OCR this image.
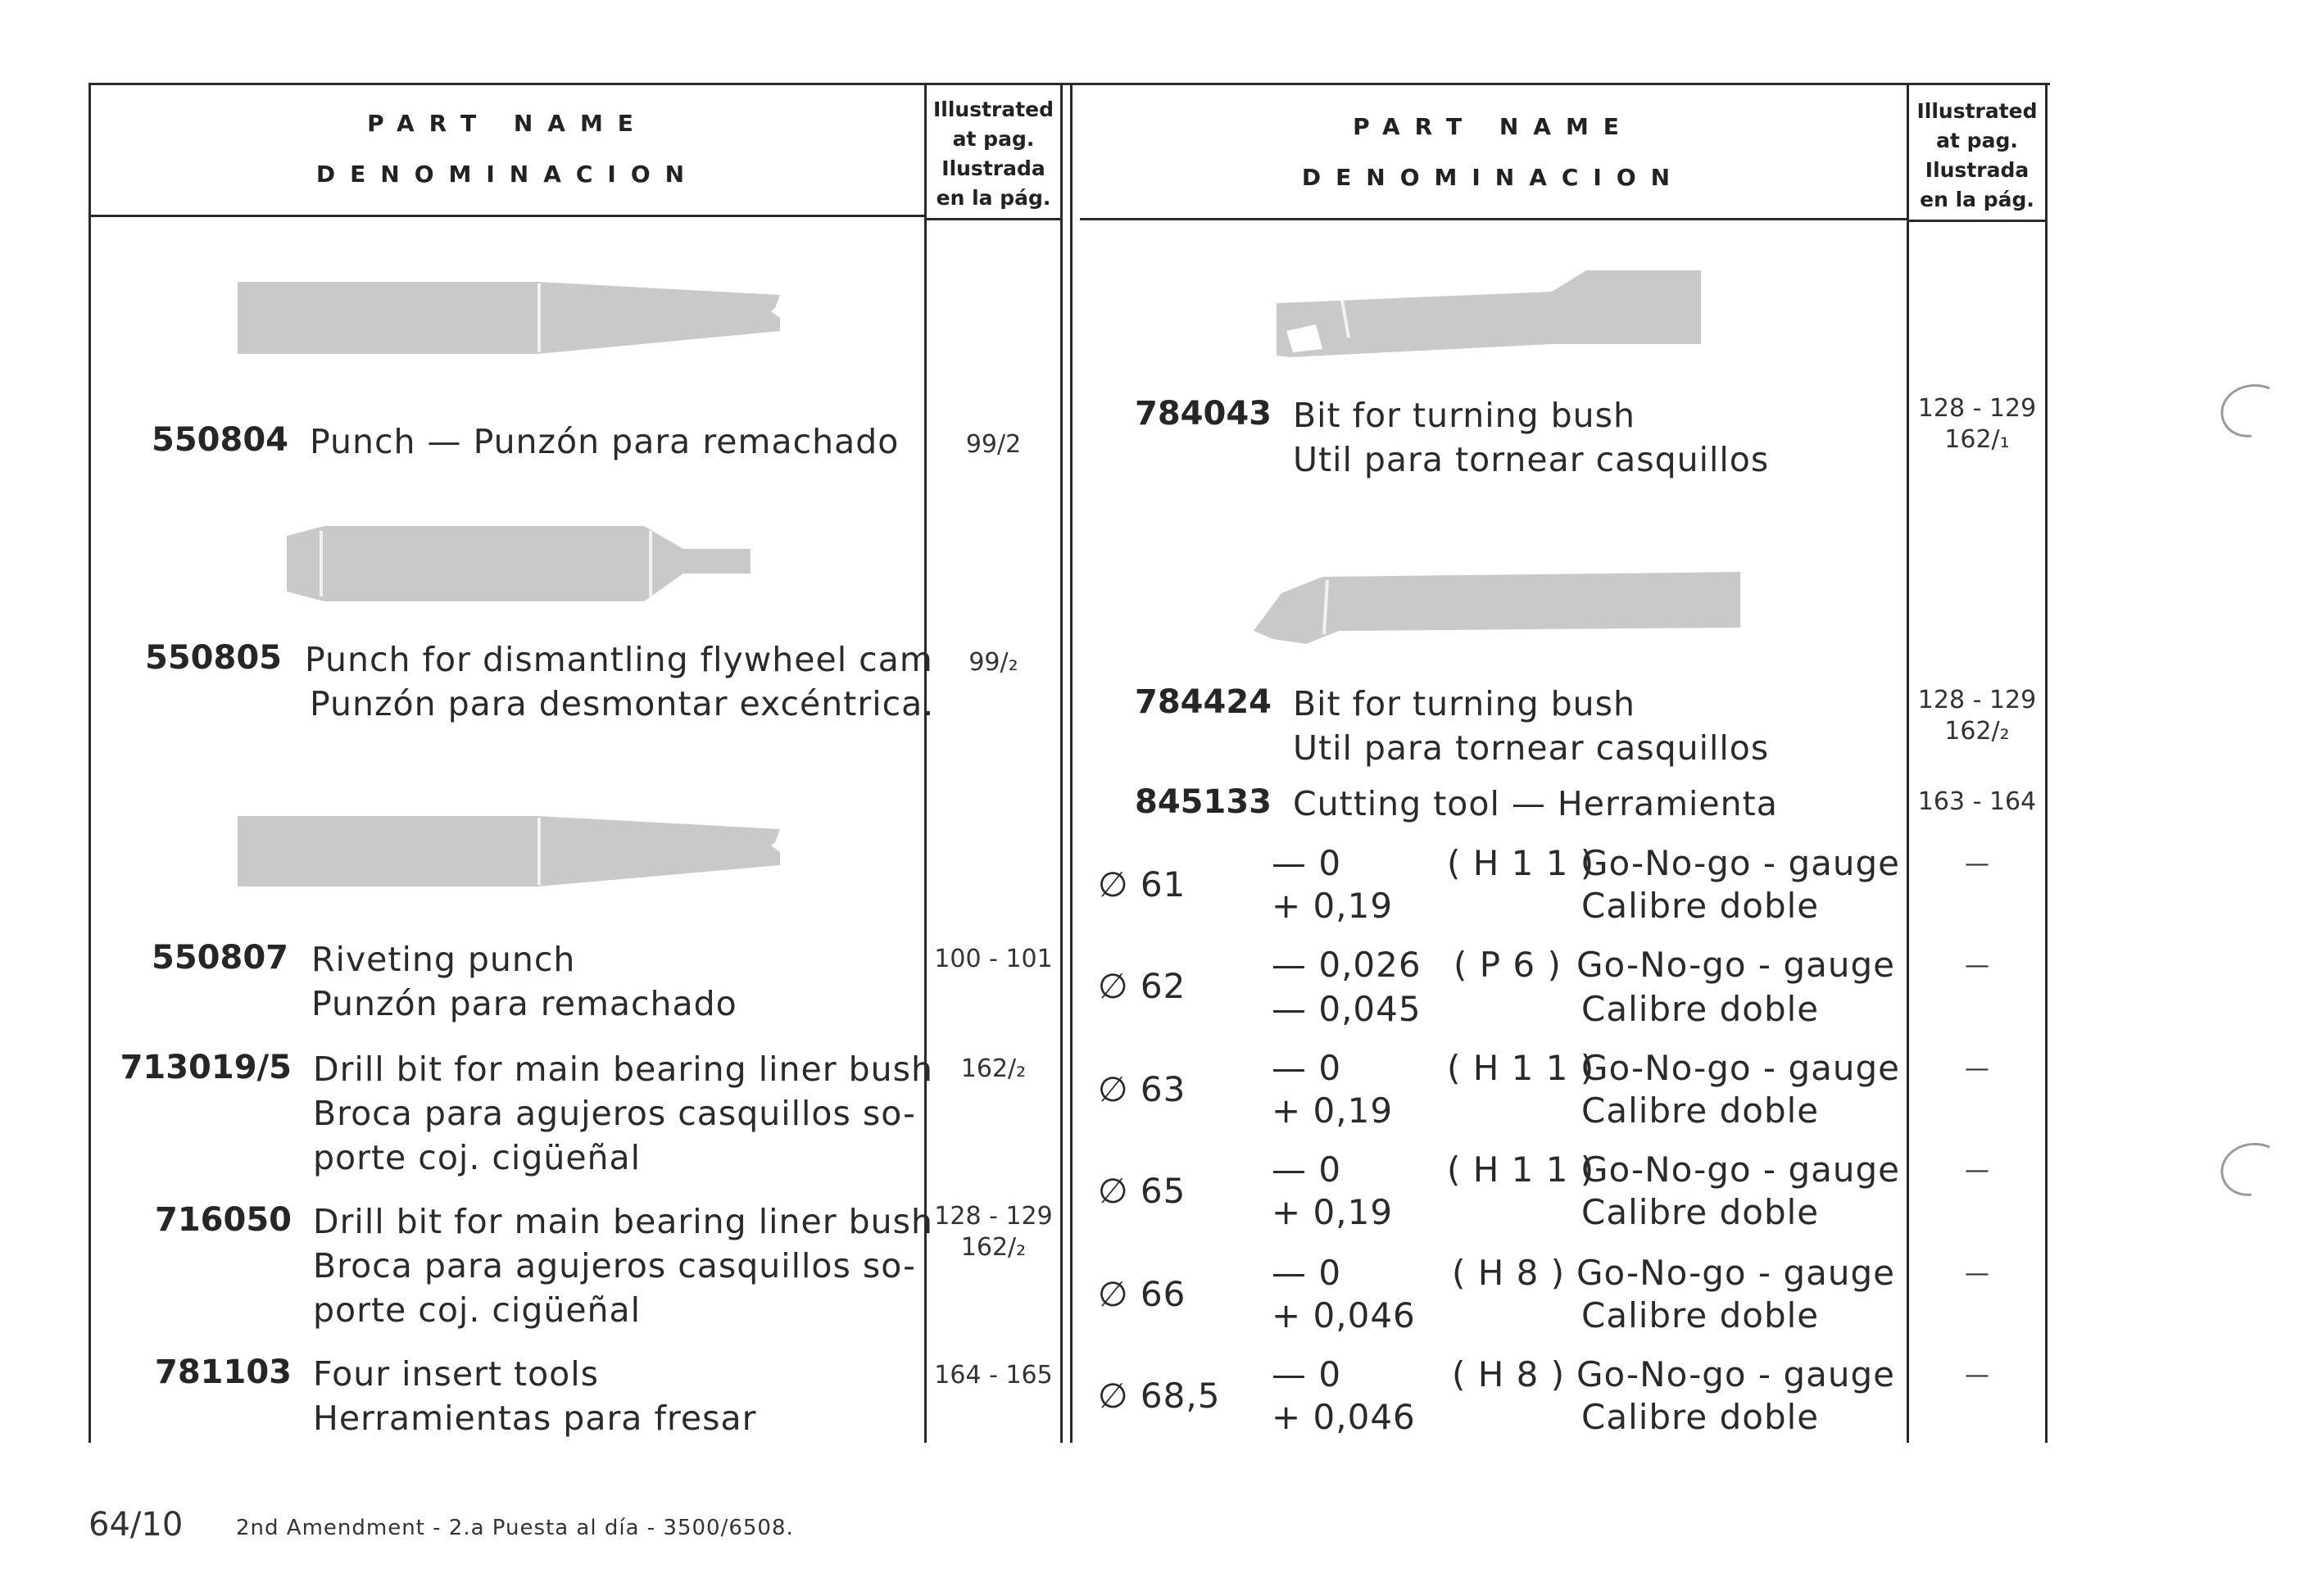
PART NAME
DENOMINACION
Illustrated
at pag.
Ilustrada
en la pág.
PART NAME
DENOMINACION
Illustrated
at pag.
Ilustrada
en la pág.
550804 Punch — Punzón para remachado	99/2
550805 Punch for dismantling flywheel cam
Punzón para desmontar excéntrica.
99/₂
550807 Riveting punch
Punzón para remachado
100 - 101
713019/5 Drill bit for main bearing liner bush
Broca para agujeros casquillos so-
porte coj. cigüeñal
162/₂
716050 Drill bit for main bearing liner bush
Broca para agujeros casquillos so-
porte coj. cigüeñal
128 - 129
162/₂
781103 Four insert tools
Herramientas para fresar
164 - 165
784043 Bit for turning bush
Util para tornear casquillos
128 - 129
162/₁
784424 Bit for turning bush
Util para tornear casquillos
128 - 129
162/₂
845133 Cutting tool — Herramienta	163 - 164
∅ 61
— 0
+ 0,19
( H 1 1 )
Go-No-go - gauge
Calibre doble
—
∅ 62
— 0,026
— 0,045
( P 6 ) Go-No-go - gauge
Calibre doble
—
∅ 63
— 0
+ 0,19
( H 1 1 )
Go-No-go - gauge
Calibre doble
—
∅ 65
— 0
+ 0,19
( H 1 1 )
Go-No-go - gauge
Calibre doble
—
∅ 66
— 0
+ 0,046
( H 8 ) Go-No-go - gauge
Calibre doble
—
∅ 68,5
— 0
+ 0,046
( H 8 ) Go-No-go - gauge
Calibre doble
—
64/10 2nd Amendment - 2.a Puesta al día - 3500/6508.
